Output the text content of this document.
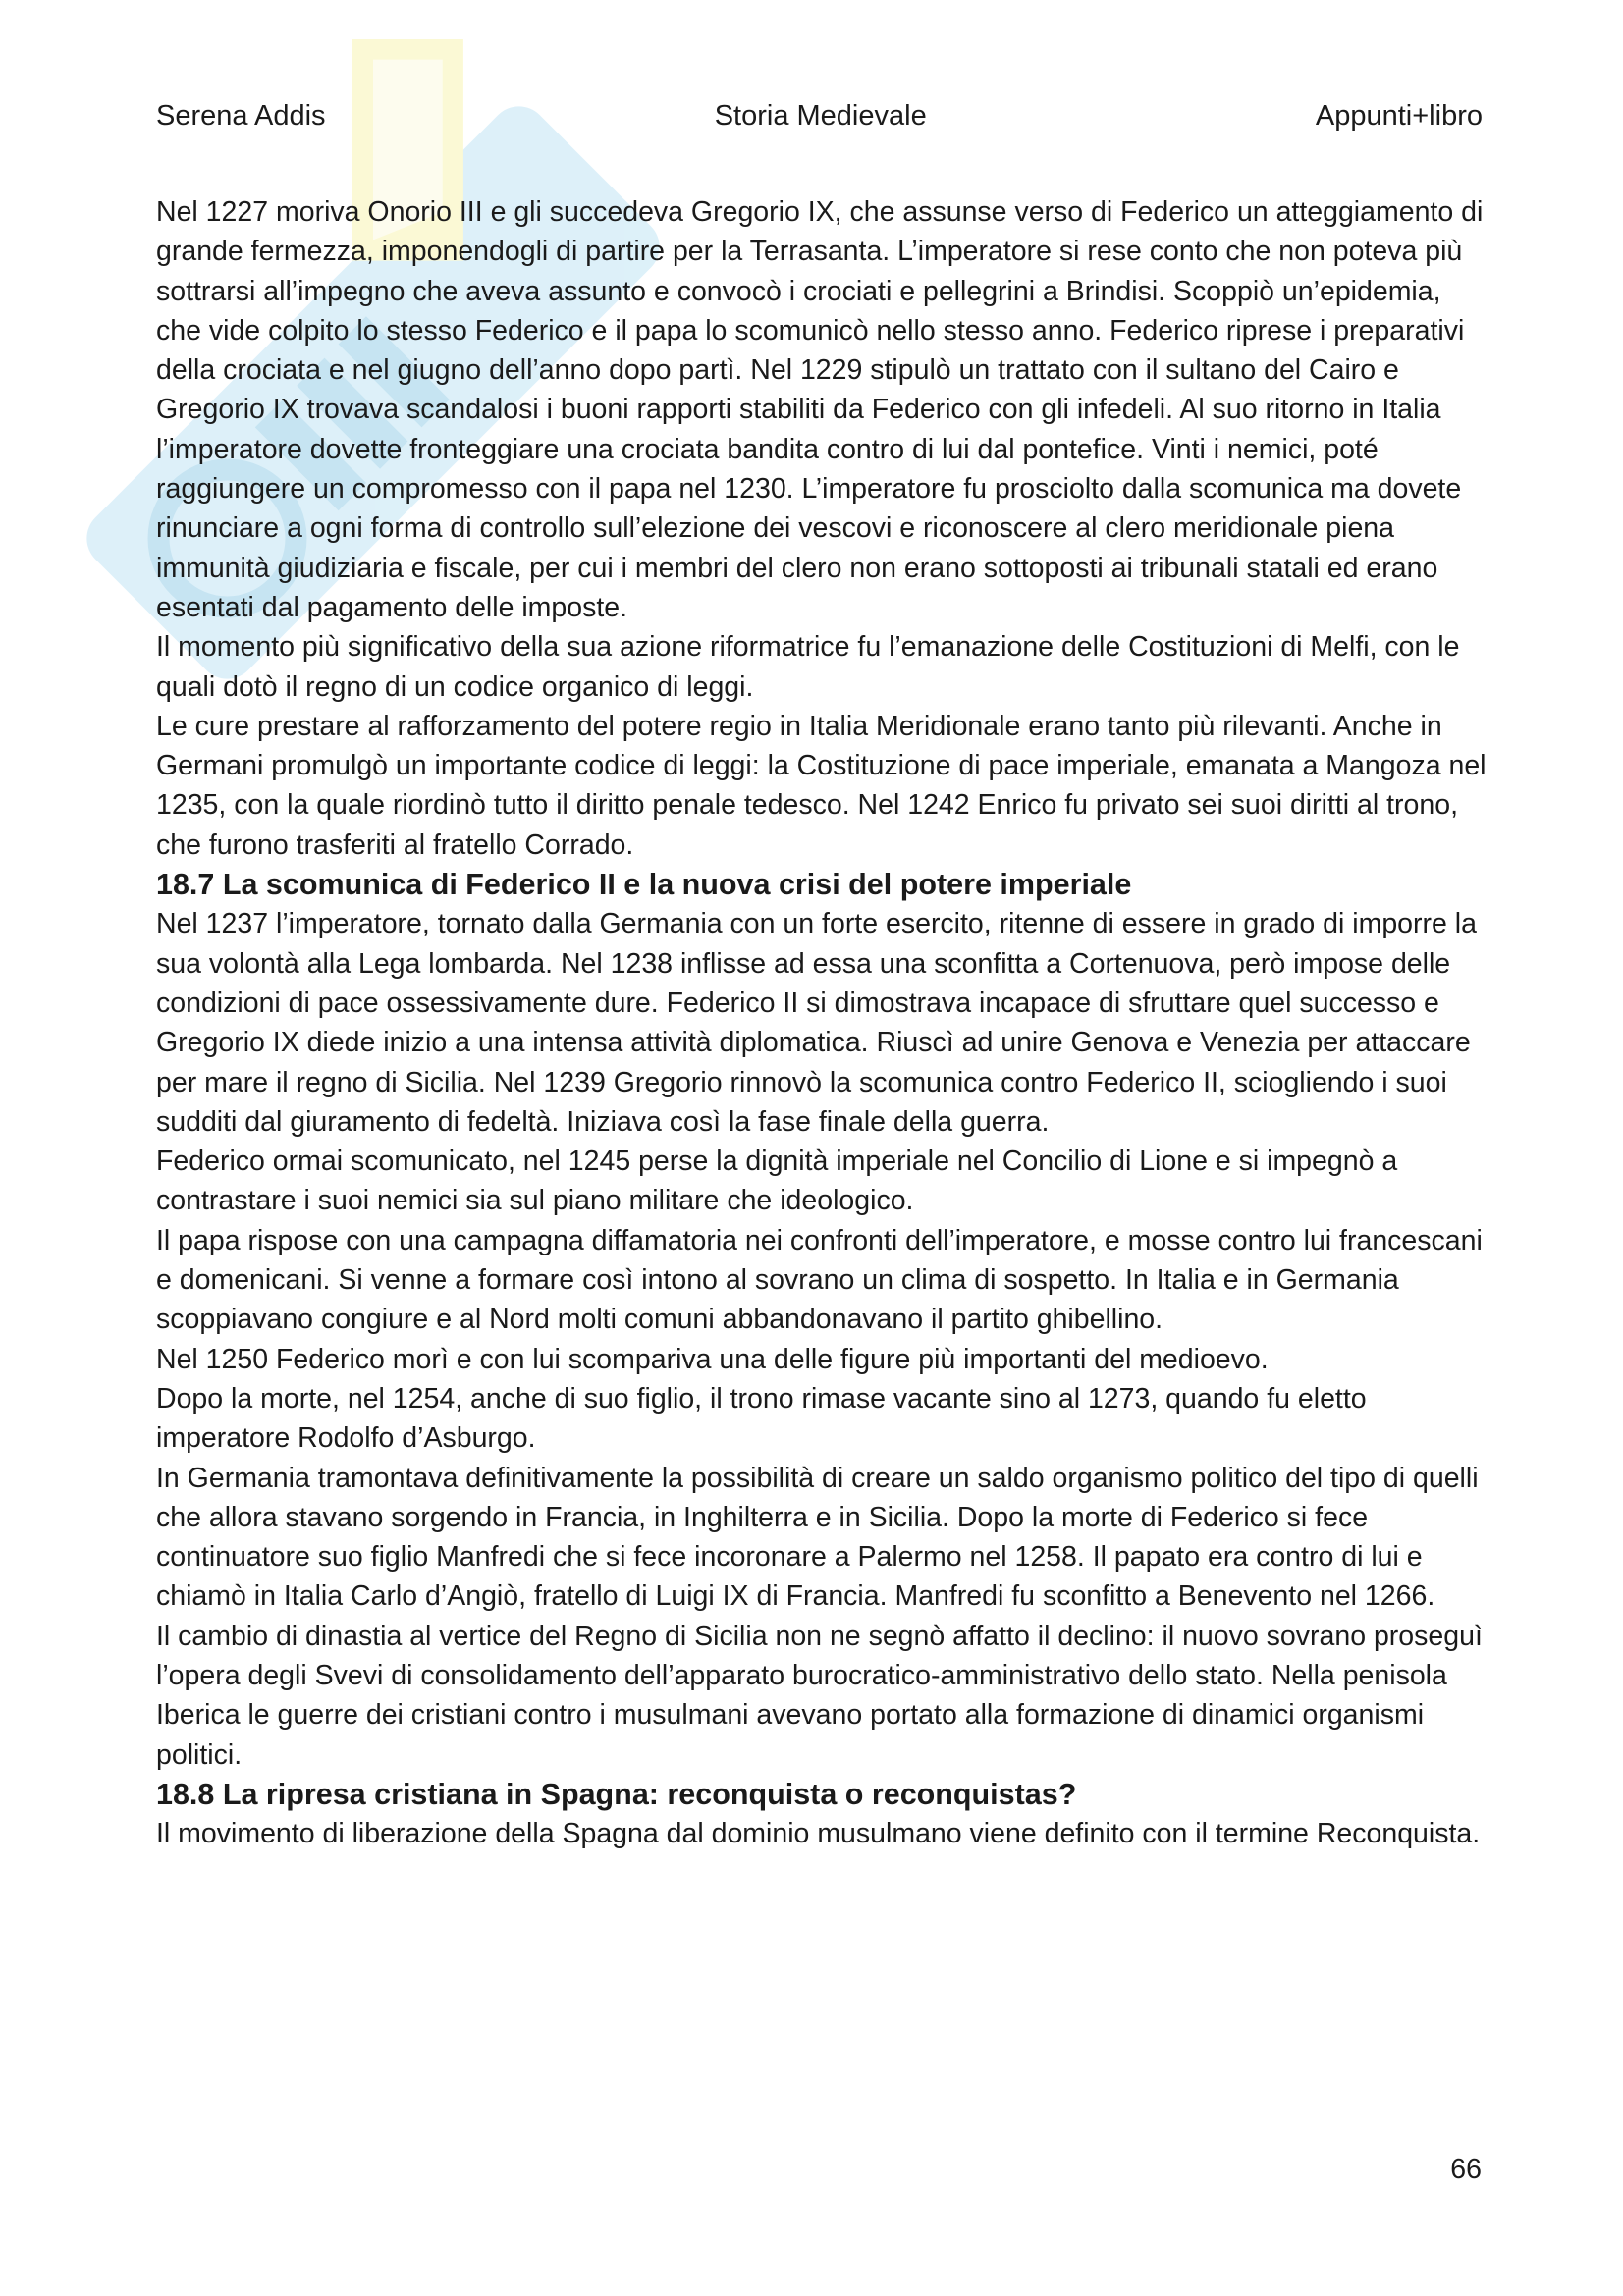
Serena Addis	Storia Medievale	Appunti+libro

Nel 1227 moriva Onorio III e gli succedeva Gregorio IX, che assunse verso di Federico un atteggiamento di grande fermezza, imponendogli di partire per la Terrasanta. L’imperatore si rese conto che non poteva più sottrarsi all’impegno che aveva assunto e convocò i crociati e pellegrini a Brindisi. Scoppiò un’epidemia, che vide colpito lo stesso Federico e il papa lo scomunicò nello stesso anno. Federico riprese i preparativi della crociata e nel giugno dell’anno dopo partì. Nel 1229 stipulò un trattato con il sultano del Cairo e Gregorio IX trovava scandalosi i buoni rapporti stabiliti da Federico con gli infedeli. Al suo ritorno in Italia l’imperatore dovette fronteggiare una crociata bandita contro di lui dal pontefice. Vinti i nemici, poté raggiungere un compromesso con il papa nel 1230. L’imperatore fu prosciolto dalla scomunica ma dovete rinunciare a ogni forma di controllo sull’elezione dei vescovi e riconoscere al clero meridionale piena immunità giudiziaria e fiscale, per cui i membri del clero non erano sottoposti ai tribunali statali ed erano esentati dal pagamento delle imposte.

Il momento più significativo della sua azione riformatrice fu l’emanazione delle Costituzioni di Melfi, con le quali dotò il regno di un codice organico di leggi.

Le cure prestare al rafforzamento del potere regio in Italia Meridionale erano tanto più rilevanti. Anche in Germani promulgò un importante codice di leggi: la Costituzione di pace imperiale, emanata a Mangoza nel 1235, con la quale riordinò tutto il diritto penale tedesco. Nel 1242 Enrico fu privato sei suoi diritti al trono, che furono trasferiti al fratello Corrado.

18.7 La scomunica di Federico II e la nuova crisi del potere imperiale

Nel 1237 l’imperatore, tornato dalla Germania con un forte esercito, ritenne di essere in grado di imporre la sua volontà alla Lega lombarda. Nel 1238 inflisse ad essa una sconfitta a Cortenuova, però impose delle condizioni di pace ossessivamente dure. Federico II si dimostrava incapace di sfruttare quel successo e Gregorio IX diede inizio a una intensa attività diplomatica. Riuscì ad unire Genova e Venezia per attaccare per mare il regno di Sicilia. Nel 1239 Gregorio rinnovò la scomunica contro Federico II, sciogliendo i suoi sudditi dal giuramento di fedeltà. Iniziava così la fase finale della guerra.

Federico ormai scomunicato, nel 1245 perse la dignità imperiale nel Concilio di Lione e si impegnò a contrastare i suoi nemici sia sul piano militare che ideologico.

Il papa rispose con una campagna diffamatoria nei confronti dell’imperatore, e mosse contro lui francescani e domenicani. Si venne a formare così intono al sovrano un clima di sospetto. In Italia e in Germania scoppiavano congiure e al Nord molti comuni abbandonavano il partito ghibellino.

Nel 1250 Federico morì e con lui scompariva una delle figure più importanti del medioevo.

Dopo la morte, nel 1254, anche di suo figlio, il trono rimase vacante sino al 1273, quando fu eletto imperatore Rodolfo d’Asburgo.

In Germania tramontava definitivamente la possibilità di creare un saldo organismo politico del tipo di quelli che allora stavano sorgendo in Francia, in Inghilterra e in Sicilia. Dopo la morte di Federico si fece continuatore suo figlio Manfredi che si fece incoronare a Palermo nel 1258. Il papato era contro di lui e chiamò in Italia Carlo d’Angiò, fratello di Luigi IX di Francia. Manfredi fu sconfitto a Benevento nel 1266.

Il cambio di dinastia al vertice del Regno di Sicilia non ne segnò affatto il declino: il nuovo sovrano proseguì l’opera degli Svevi di consolidamento dell’apparato burocratico-amministrativo dello stato. Nella penisola Iberica le guerre dei cristiani contro i musulmani avevano portato alla formazione di dinamici organismi politici.

18.8 La ripresa cristiana in Spagna: reconquista o reconquistas?

Il movimento di liberazione della Spagna dal dominio musulmano viene definito con il termine Reconquista.

66
